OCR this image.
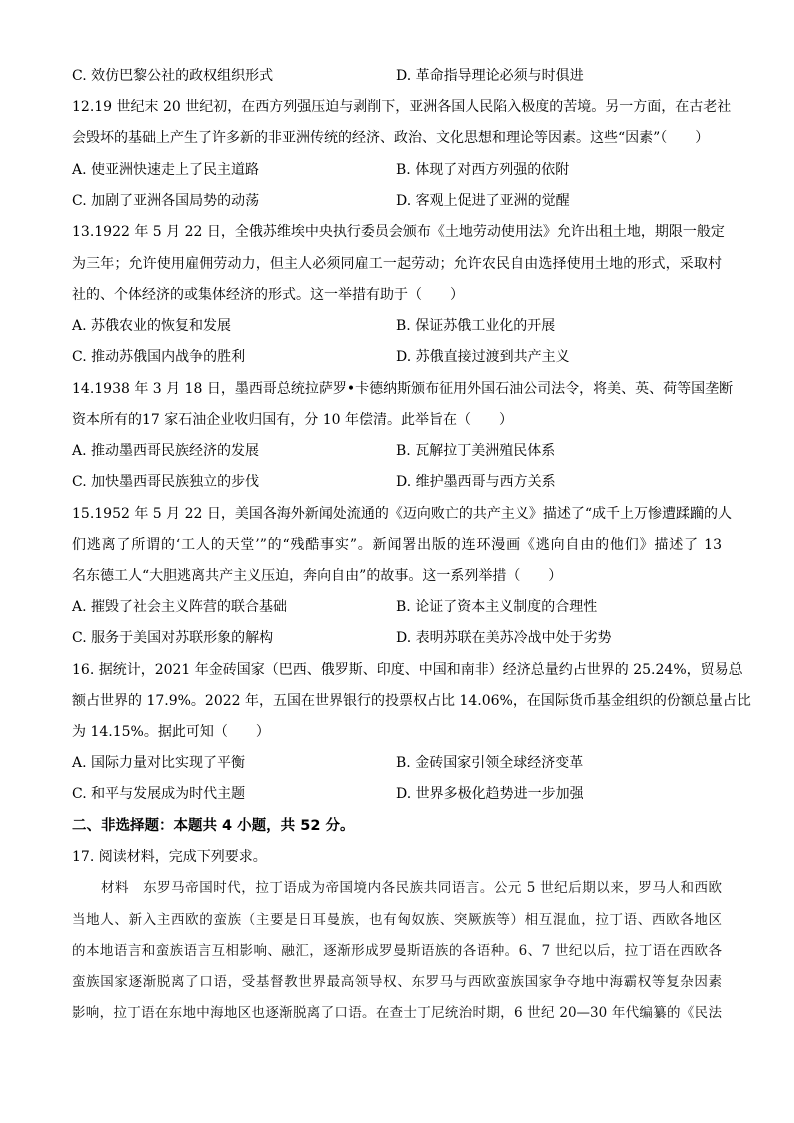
C. 效仿巴黎公社的政权组织形式	D. 革命指导理论必须与时俱进
12.19 世纪末 20 世纪初，在西方列强压迫与剥削下，亚洲各国人民陷入极度的苦境。另一方面，在古老社
会毁坏的基础上产生了许多新的非亚洲传统的经济、政治、文化思想和理论等因素。这些“因素”（　　）
A. 使亚洲快速走上了民主道路	B. 体现了对西方列强的依附
C. 加剧了亚洲各国局势的动荡	D. 客观上促进了亚洲的觉醒
13.1922 年 5 月 22 日，全俄苏维埃中央执行委员会颁布《土地劳动使用法》允许出租土地，期限一般定
为三年；允许使用雇佣劳动力，但主人必须同雇工一起劳动；允许农民自由选择使用土地的形式，采取村
社的、个体经济的或集体经济的形式。这一举措有助于（　　）
A. 苏俄农业的恢复和发展	B. 保证苏俄工业化的开展
C. 推动苏俄国内战争的胜利	D. 苏俄直接过渡到共产主义
14.1938 年 3 月 18 日，墨西哥总统拉萨罗•卡德纳斯颁布征用外国石油公司法令，将美、英、荷等国垄断
资本所有的17 家石油企业收归国有，分 10 年偿清。此举旨在（　　）
A. 推动墨西哥民族经济的发展	B. 瓦解拉丁美洲殖民体系
C. 加快墨西哥民族独立的步伐	D. 维护墨西哥与西方关系
15.1952 年 5 月 22 日，美国各海外新闻处流通的《迈向败亡的共产主义》描述了“成千上万惨遭蹂躏的人
们逃离了所谓的‘工人的天堂’”的“残酷事实”。新闻署出版的连环漫画《逃向自由的他们》描述了 13
名东德工人“大胆逃离共产主义压迫，奔向自由”的故事。这一系列举措（　　）
A. 摧毁了社会主义阵营的联合基础	B. 论证了资本主义制度的合理性
C. 服务于美国对苏联形象的解构	D. 表明苏联在美苏冷战中处于劣势
16. 据统计，2021 年金砖国家（巴西、俄罗斯、印度、中国和南非）经济总量约占世界的 25.24%，贸易总
额占世界的 17.9%。2022 年，五国在世界银行的投票权占比 14.06%，在国际货币基金组织的份额总量占比
为 14.15%。据此可知（　　）
A. 国际力量对比实现了平衡	B. 金砖国家引领全球经济变革
C. 和平与发展成为时代主题	D. 世界多极化趋势进一步加强
二、非选择题：本题共 4 小题，共 52 分。
17. 阅读材料，完成下列要求。
材料　东罗马帝国时代，拉丁语成为帝国境内各民族共同语言。公元 5 世纪后期以来，罗马人和西欧
当地人、新入主西欧的蛮族（主要是日耳曼族，也有匈奴族、突厥族等）相互混血，拉丁语、西欧各地区
的本地语言和蛮族语言互相影响、融汇，逐渐形成罗曼斯语族的各语种。6、7 世纪以后，拉丁语在西欧各
蛮族国家逐渐脱离了口语，受基督教世界最高领导权、东罗马与西欧蛮族国家争夺地中海霸权等复杂因素
影响，拉丁语在东地中海地区也逐渐脱离了口语。在查士丁尼统治时期，6 世纪 20—30 年代编纂的《民法
